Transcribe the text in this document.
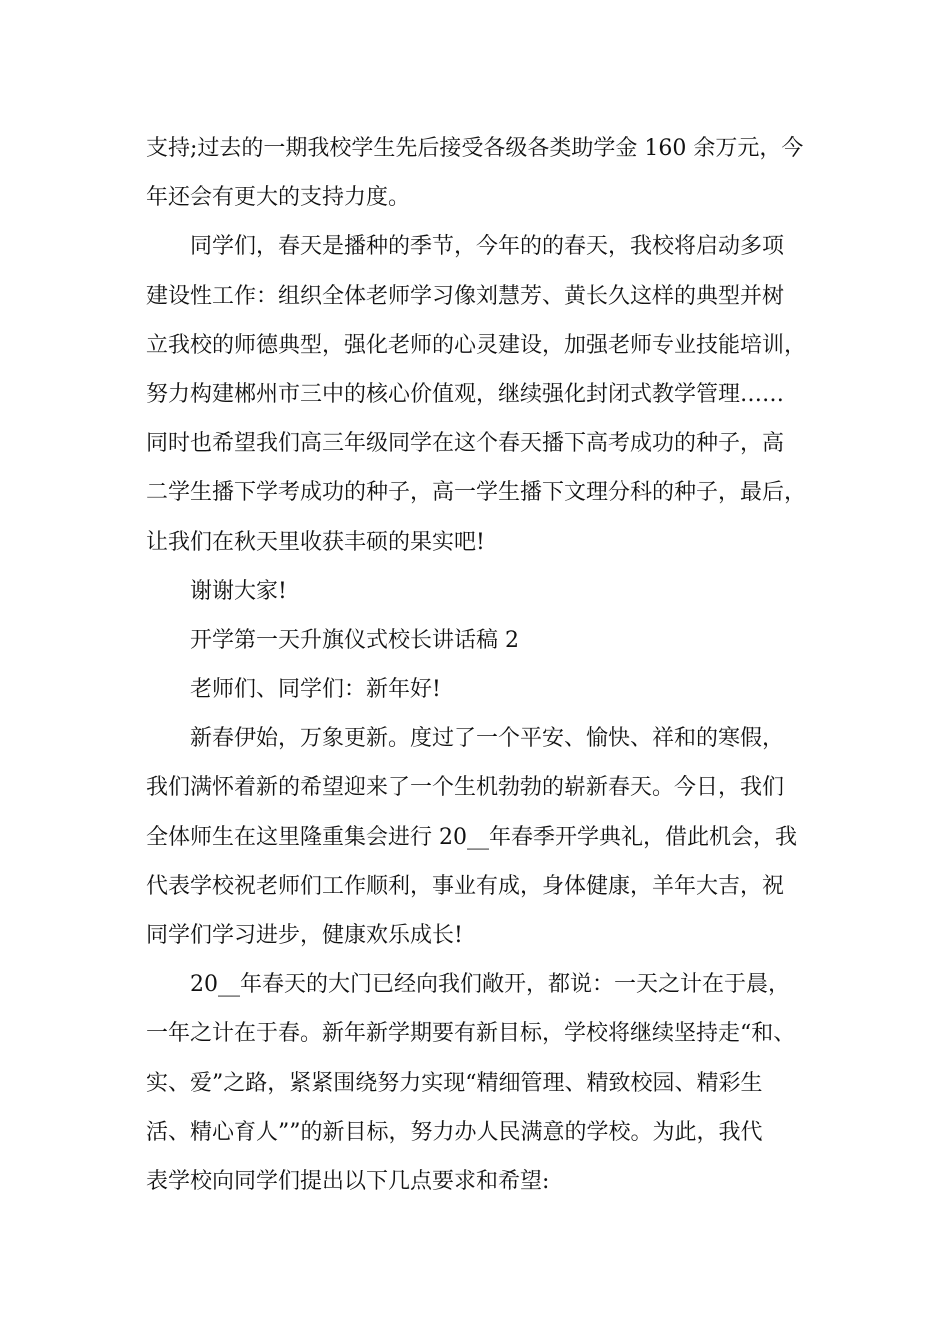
支持;过去的一期我校学生先后接受各级各类助学金 160 余万元，今

年还会有更大的支持力度。

同学们，春天是播种的季节，今年的的春天，我校将启动多项

建设性工作：组织全体老师学习像刘慧芳、黄长久这样的典型并树

立我校的师德典型，强化老师的心灵建设，加强老师专业技能培训，

努力构建郴州市三中的核心价值观，继续强化封闭式教学管理……

同时也希望我们高三年级同学在这个春天播下高考成功的种子，高

二学生播下学考成功的种子，高一学生播下文理分科的种子，最后，

让我们在秋天里收获丰硕的果实吧!

谢谢大家!

开学第一天升旗仪式校长讲话稿 2

老师们、同学们：新年好!

新春伊始，万象更新。度过了一个平安、愉快、祥和的寒假，

我们满怀着新的希望迎来了一个生机勃勃的崭新春天。今日，我们

全体师生在这里隆重集会进行 20__年春季开学典礼，借此机会，我

代表学校祝老师们工作顺利，事业有成，身体健康，羊年大吉，祝

同学们学习进步，健康欢乐成长!

20__年春天的大门已经向我们敞开，都说：一天之计在于晨，

一年之计在于春。新年新学期要有新目标，学校将继续坚持走“和、

实、爱”之路，紧紧围绕努力实现“精细管理、精致校园、精彩生

活、精心育人””的新目标，努力办人民满意的学校。为此，我代

表学校向同学们提出以下几点要求和希望:
